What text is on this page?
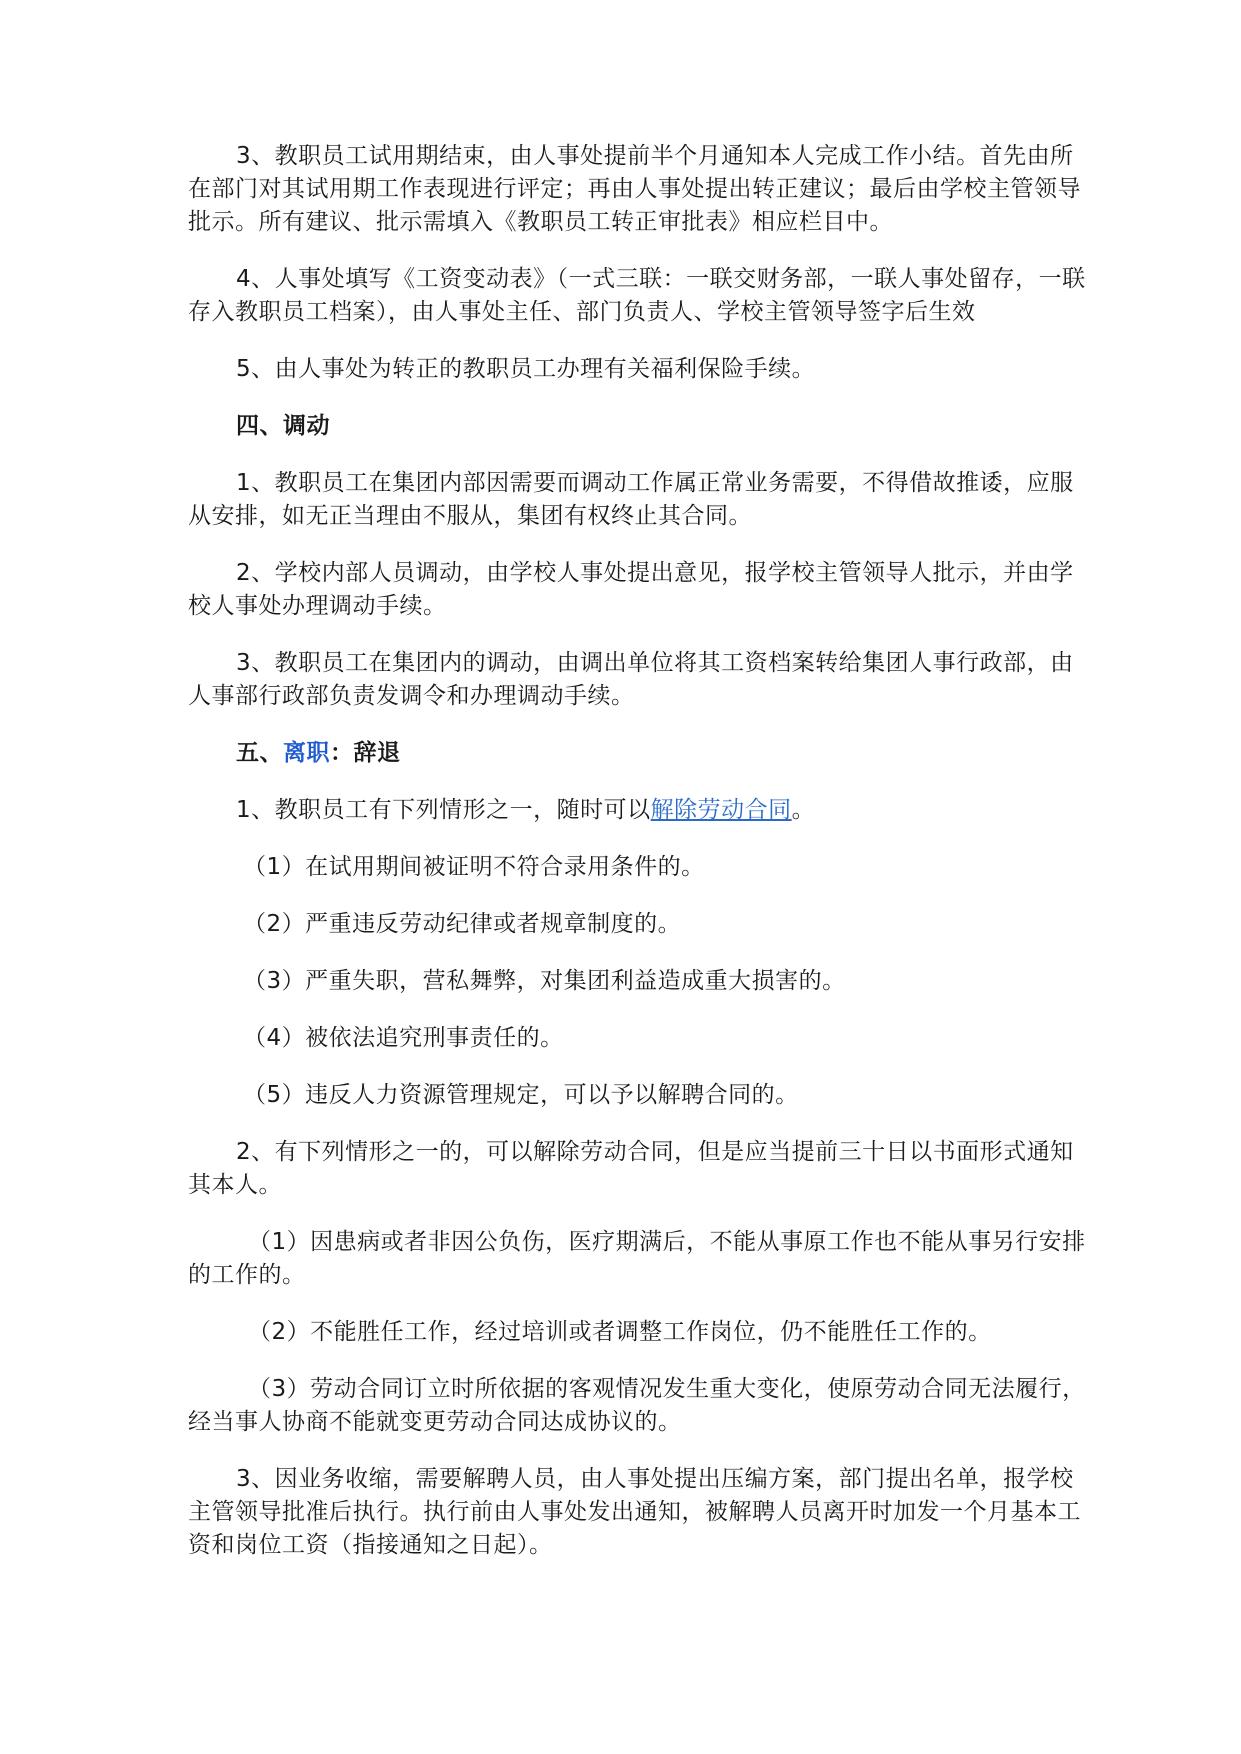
3、教职员工试用期结束，由人事处提前半个月通知本人完成工作小结。首先由所在部门对其试用期工作表现进行评定；再由人事处提出转正建议；最后由学校主管领导批示。所有建议、批示需填入《教职员工转正审批表》相应栏目中。

4、人事处填写《工资变动表》（一式三联：一联交财务部，一联人事处留存，一联存入教职员工档案），由人事处主任、部门负责人、学校主管领导签字后生效

5、由人事处为转正的教职员工办理有关福利保险手续。

四、调动

1、教职员工在集团内部因需要而调动工作属正常业务需要，不得借故推诿，应服从安排，如无正当理由不服从，集团有权终止其合同。

2、学校内部人员调动，由学校人事处提出意见，报学校主管领导人批示，并由学校人事处办理调动手续。

3、教职员工在集团内的调动，由调出单位将其工资档案转给集团人事行政部，由人事部行政部负责发调令和办理调动手续。

五、离职：辞退

1、教职员工有下列情形之一，随时可以解除劳动合同。

（1）在试用期间被证明不符合录用条件的。

（2）严重违反劳动纪律或者规章制度的。

（3）严重失职，营私舞弊，对集团利益造成重大损害的。

（4）被依法追究刑事责任的。

（5）违反人力资源管理规定，可以予以解聘合同的。

2、有下列情形之一的，可以解除劳动合同，但是应当提前三十日以书面形式通知其本人。

（1）因患病或者非因公负伤，医疗期满后，不能从事原工作也不能从事另行安排的工作的。

（2）不能胜任工作，经过培训或者调整工作岗位，仍不能胜任工作的。

（3）劳动合同订立时所依据的客观情况发生重大变化，使原劳动合同无法履行，经当事人协商不能就变更劳动合同达成协议的。

3、因业务收缩，需要解聘人员，由人事处提出压编方案，部门提出名单，报学校主管领导批准后执行。执行前由人事处发出通知，被解聘人员离开时加发一个月基本工资和岗位工资（指接通知之日起）。
